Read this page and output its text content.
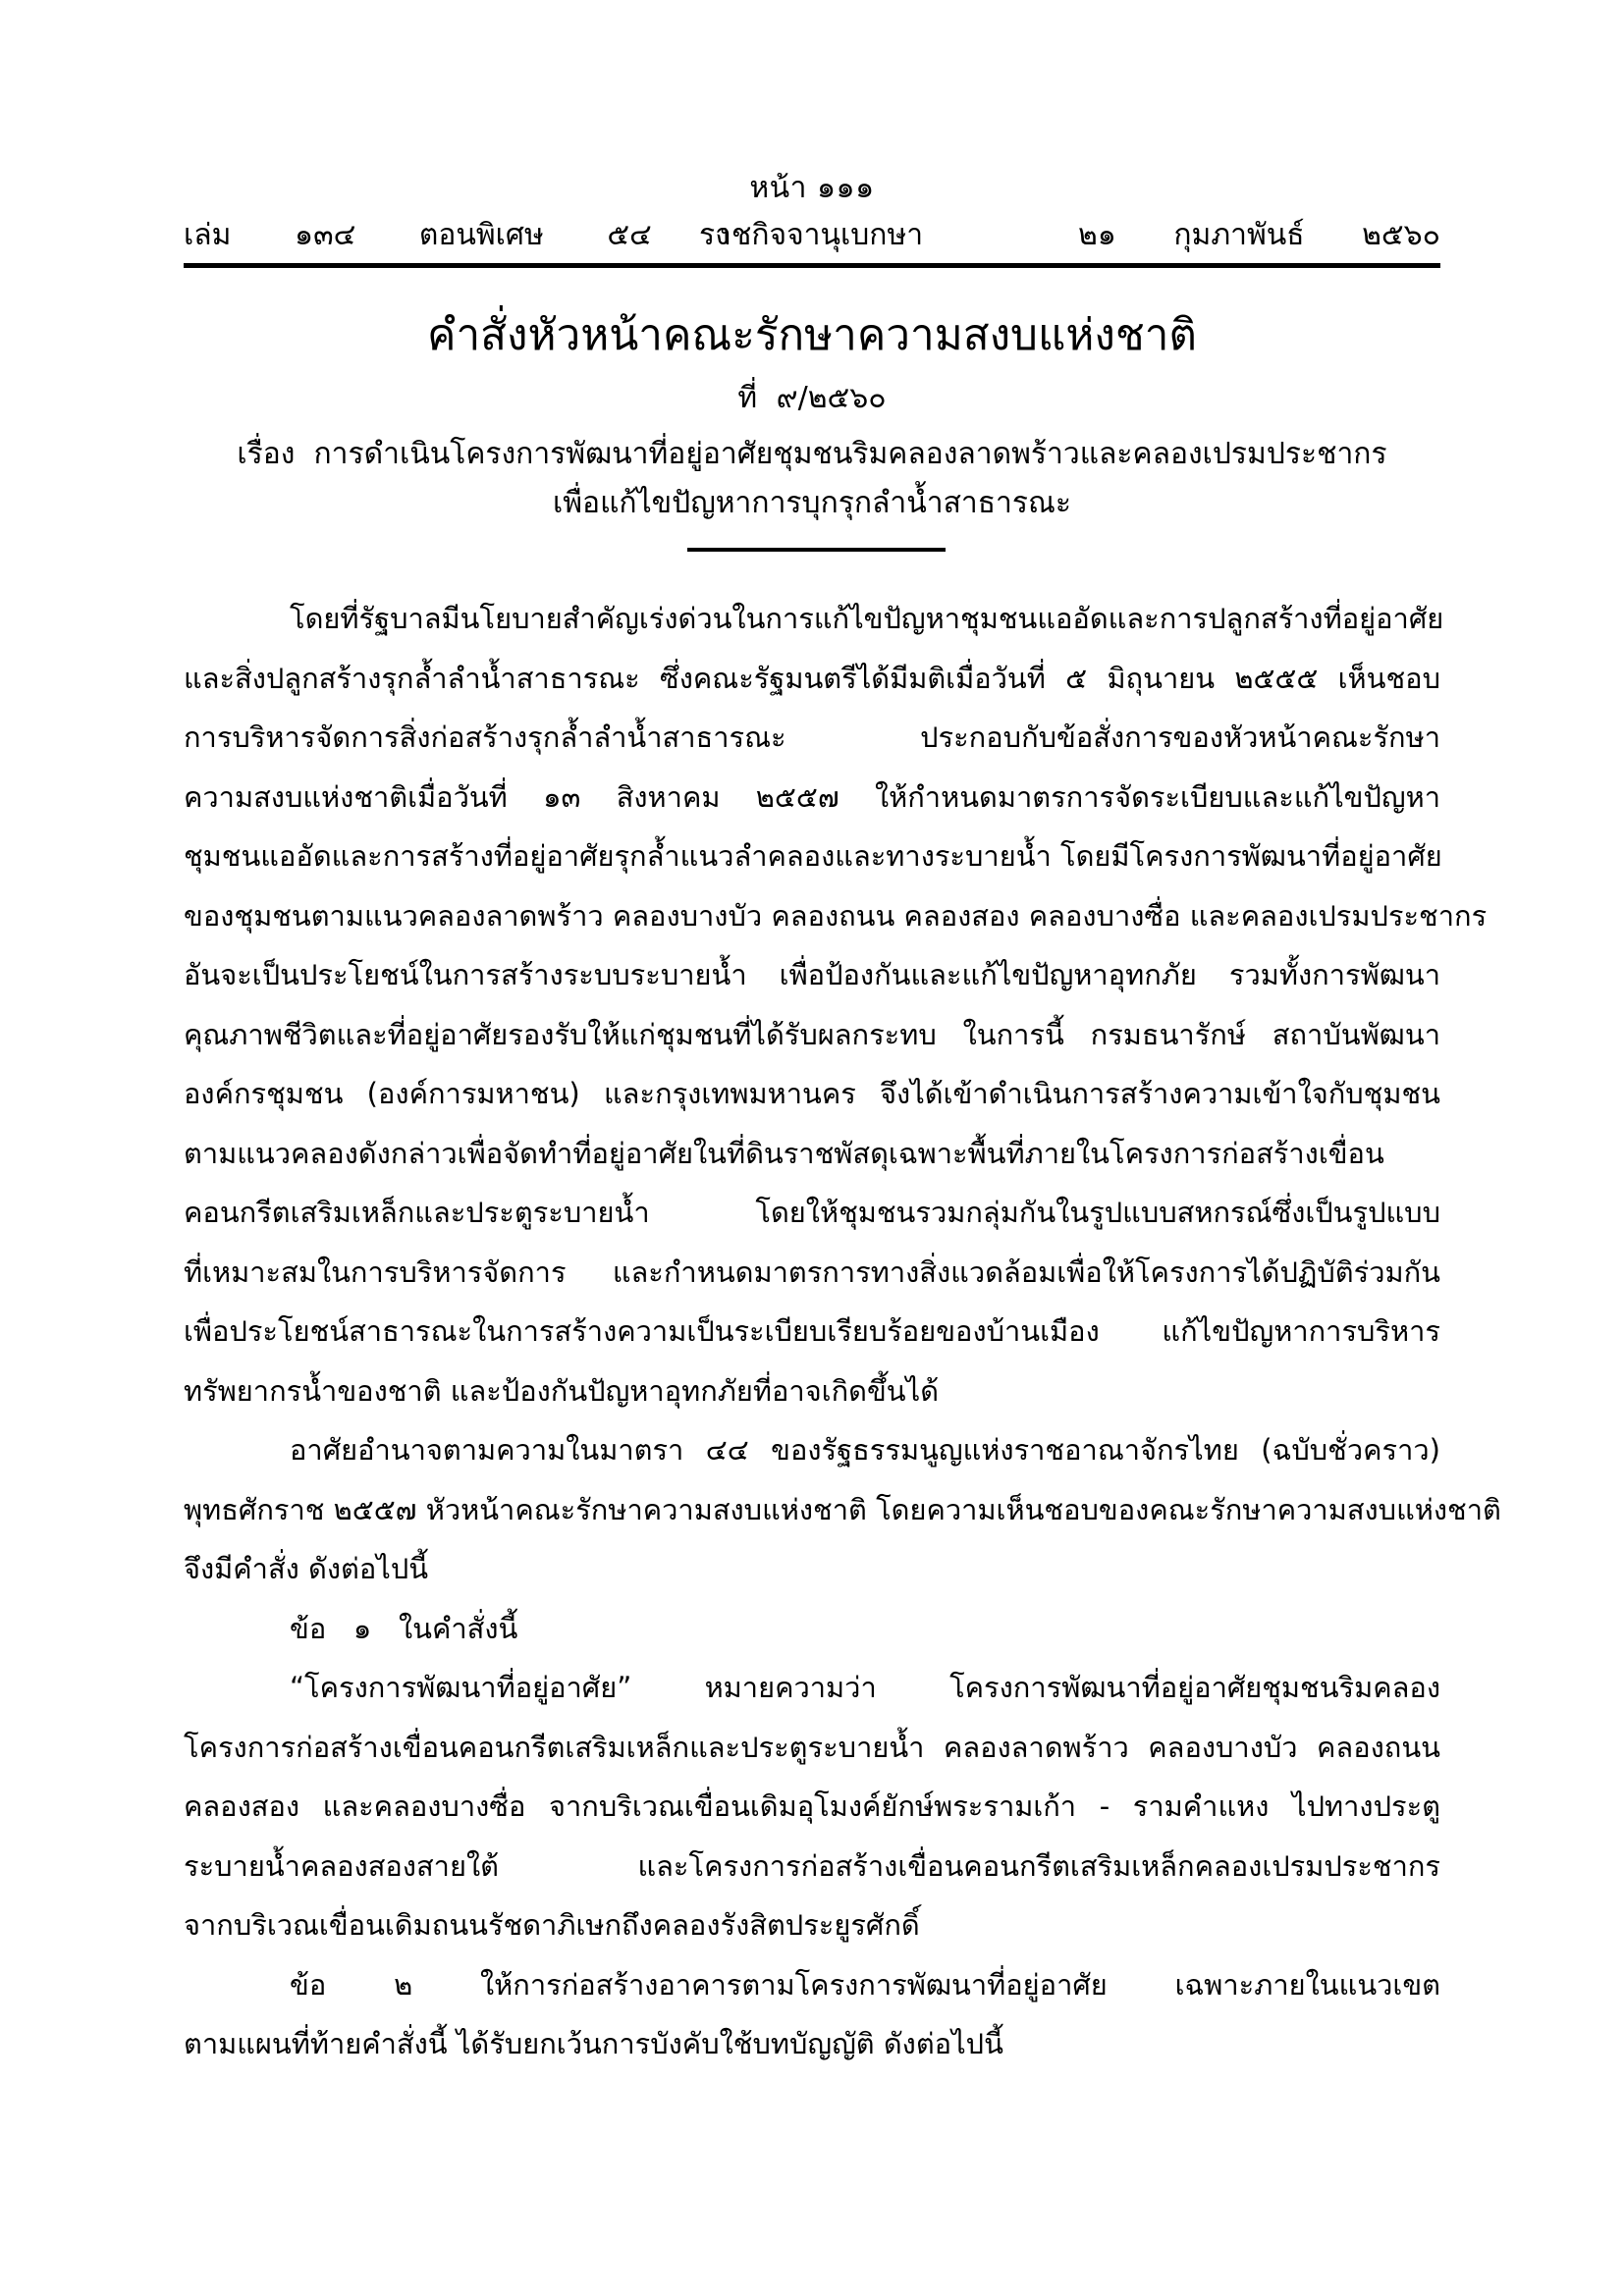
หน้า ๑๑๑
เล่ม   ๑๓๔   ตอนพิเศษ   ๕๔   ง
ราชกิจจานุเบกษา	๒๑   กุมภาพันธ์   ๒๕๖๐
คำสั่งหัวหน้าคณะรักษาความสงบแห่งชาติ
ที่ ๙/๒๕๖๐
เรื่อง  การดำเนินโครงการพัฒนาที่อยู่อาศัยชุมชนริมคลองลาดพร้าวและคลองเปรมประชากร
เพื่อแก้ไขปัญหาการบุกรุกลำน้ำสาธารณะ
โดยที่รัฐบาลมีนโยบายสำคัญเร่งด่วนในการแก้ไขปัญหาชุมชนแออัดและการปลูกสร้างที่อยู่อาศัย
และสิ่งปลูกสร้างรุกล้ำลำน้ำสาธารณะ ซึ่งคณะรัฐมนตรีได้มีมติเมื่อวันที่ ๕ มิถุนายน ๒๕๕๕ เห็นชอบ
การบริหารจัดการสิ่งก่อสร้างรุกล้ำลำน้ำสาธารณะ ประกอบกับข้อสั่งการของหัวหน้าคณะรักษา
ความสงบแห่งชาติเมื่อวันที่ ๑๓ สิงหาคม ๒๕๕๗ ให้กำหนดมาตรการจัดระเบียบและแก้ไขปัญหา
ชุมชนแออัดและการสร้างที่อยู่อาศัยรุกล้ำแนวลำคลองและทางระบายน้ำ โดยมีโครงการพัฒนาที่อยู่อาศัย
ของชุมชนตามแนวคลองลาดพร้าว คลองบางบัว คลองถนน คลองสอง คลองบางซื่อ และคลองเปรมประชากร
อันจะเป็นประโยชน์ในการสร้างระบบระบายน้ำ เพื่อป้องกันและแก้ไขปัญหาอุทกภัย รวมทั้งการพัฒนา
คุณภาพชีวิตและที่อยู่อาศัยรองรับให้แก่ชุมชนที่ได้รับผลกระทบ ในการนี้ กรมธนารักษ์ สถาบันพัฒนา
องค์กรชุมชน (องค์การมหาชน) และกรุงเทพมหานคร จึงได้เข้าดำเนินการสร้างความเข้าใจกับชุมชน
ตามแนวคลองดังกล่าวเพื่อจัดทำที่อยู่อาศัยในที่ดินราชพัสดุเฉพาะพื้นที่ภายในโครงการก่อสร้างเขื่อน
คอนกรีตเสริมเหล็กและประตูระบายน้ำ โดยให้ชุมชนรวมกลุ่มกันในรูปแบบสหกรณ์ซึ่งเป็นรูปแบบ
ที่เหมาะสมในการบริหารจัดการ และกำหนดมาตรการทางสิ่งแวดล้อมเพื่อให้โครงการได้ปฏิบัติร่วมกัน
เพื่อประโยชน์สาธารณะในการสร้างความเป็นระเบียบเรียบร้อยของบ้านเมือง แก้ไขปัญหาการบริหาร
ทรัพยากรน้ำของชาติ และป้องกันปัญหาอุทกภัยที่อาจเกิดขึ้นได้
อาศัยอำนาจตามความในมาตรา ๔๔ ของรัฐธรรมนูญแห่งราชอาณาจักรไทย (ฉบับชั่วคราว)
พุทธศักราช ๒๕๕๗ หัวหน้าคณะรักษาความสงบแห่งชาติ โดยความเห็นชอบของคณะรักษาความสงบแห่งชาติ
จึงมีคำสั่ง ดังต่อไปนี้
ข้อ   ๑   ในคำสั่งนี้
“โครงการพัฒนาที่อยู่อาศัย” หมายความว่า โครงการพัฒนาที่อยู่อาศัยชุมชนริมคลอง
โครงการก่อสร้างเขื่อนคอนกรีตเสริมเหล็กและประตูระบายน้ำ คลองลาดพร้าว คลองบางบัว คลองถนน
คลองสอง และคลองบางซื่อ จากบริเวณเขื่อนเดิมอุโมงค์ยักษ์พระรามเก้า - รามคำแหง ไปทางประตู
ระบายน้ำคลองสองสายใต้ และโครงการก่อสร้างเขื่อนคอนกรีตเสริมเหล็กคลองเปรมประชากร
จากบริเวณเขื่อนเดิมถนนรัชดาภิเษกถึงคลองรังสิตประยูรศักดิ์
ข้อ ๒ ให้การก่อสร้างอาคารตามโครงการพัฒนาที่อยู่อาศัย เฉพาะภายในแนวเขต
ตามแผนที่ท้ายคำสั่งนี้ ได้รับยกเว้นการบังคับใช้บทบัญญัติ ดังต่อไปนี้
